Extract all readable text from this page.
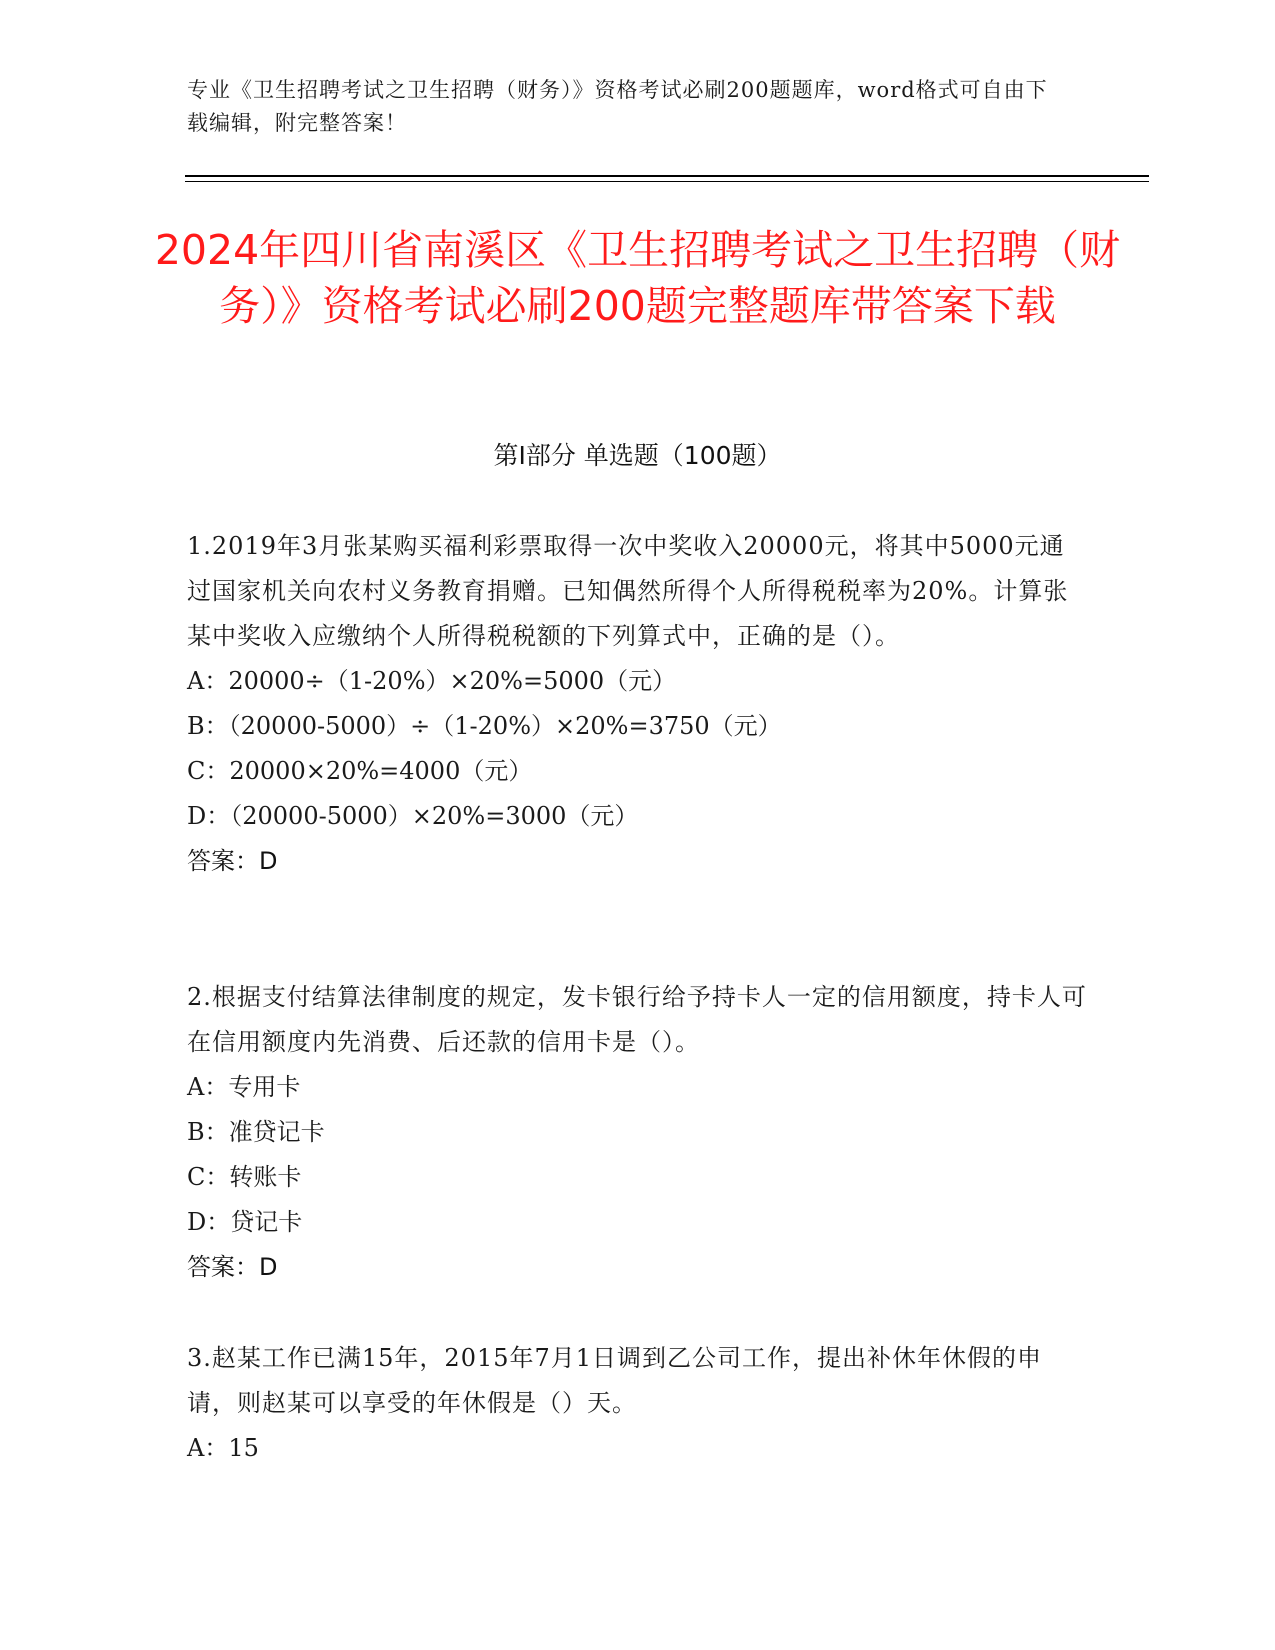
专业《卫生招聘考试之卫生招聘（财务）》资格考试必刷200题题库，word格式可自由下载编辑，附完整答案！
2024年四川省南溪区《卫生招聘考试之卫生招聘（财务）》资格考试必刷200题完整题库带答案下载
第I部分 单选题（100题）
1.2019年3月张某购买福利彩票取得一次中奖收入20000元，将其中5000元通过国家机关向农村义务教育捐赠。已知偶然所得个人所得税税率为20%。计算张某中奖收入应缴纳个人所得税税额的下列算式中，正确的是（）。
A：20000÷（1-20%）×20%=5000（元）
B：（20000-5000）÷（1-20%）×20%=3750（元）
C：20000×20%=4000（元）
D：（20000-5000）×20%=3000（元）
答案：D
2.根据支付结算法律制度的规定，发卡银行给予持卡人一定的信用额度，持卡人可在信用额度内先消费、后还款的信用卡是（）。
A：专用卡
B：准贷记卡
C：转账卡
D：贷记卡
答案：D
3.赵某工作已满15年，2015年7月1日调到乙公司工作，提出补休年休假的申请，则赵某可以享受的年休假是（）天。
A：15
